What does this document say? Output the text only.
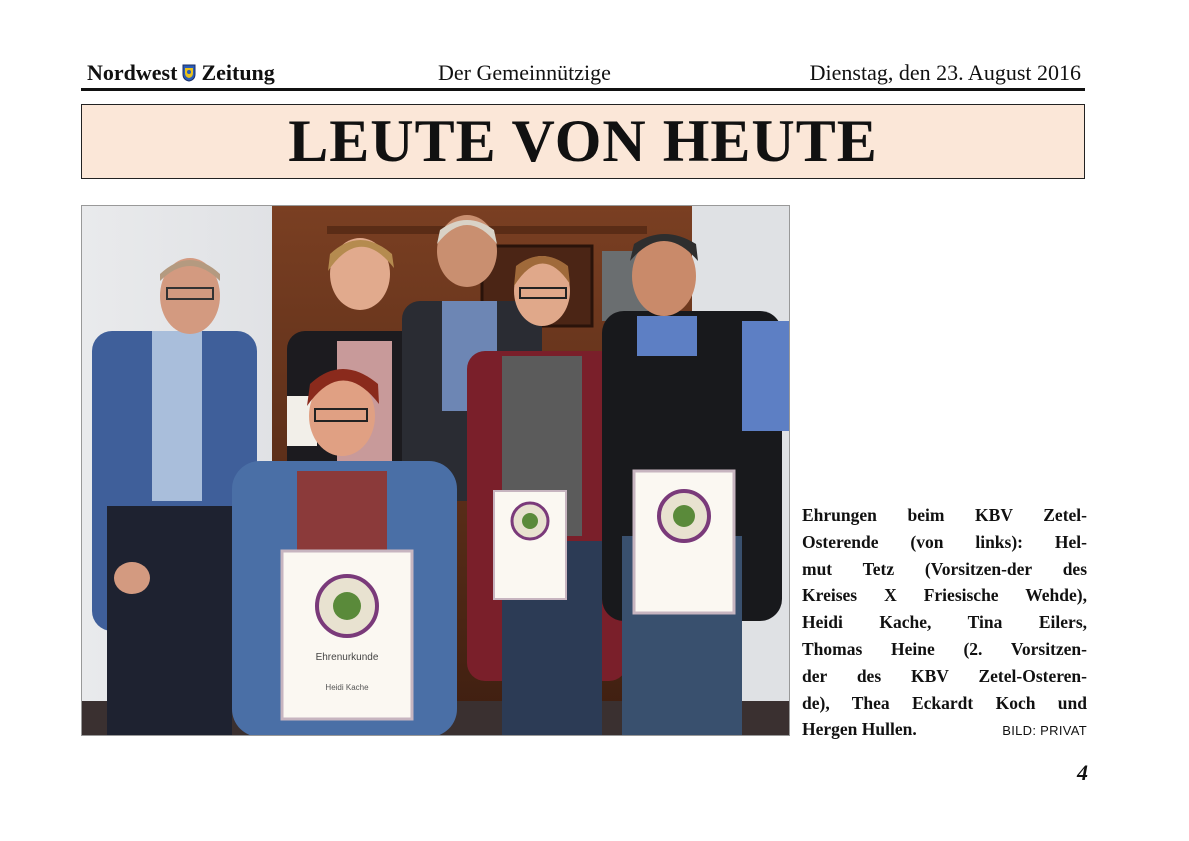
Nordwest Zeitung	Der Gemeinnützige	Dienstag, den 23. August 2016
LEUTE VON HEUTE
Ehrenurkunde
Heidi Kache
Ehrungen beim KBV Zetel-
Osterende (von links): Hel-
mut Tetz (Vorsitzen-der des
Kreises X Friesische Wehde),
Heidi Kache, Tina Eilers,
Thomas Heine (2. Vorsitzen-
der des KBV Zetel-Osteren-
de), Thea Eckardt Koch und
Hergen Hullen.	BILD: PRIVAT
4
